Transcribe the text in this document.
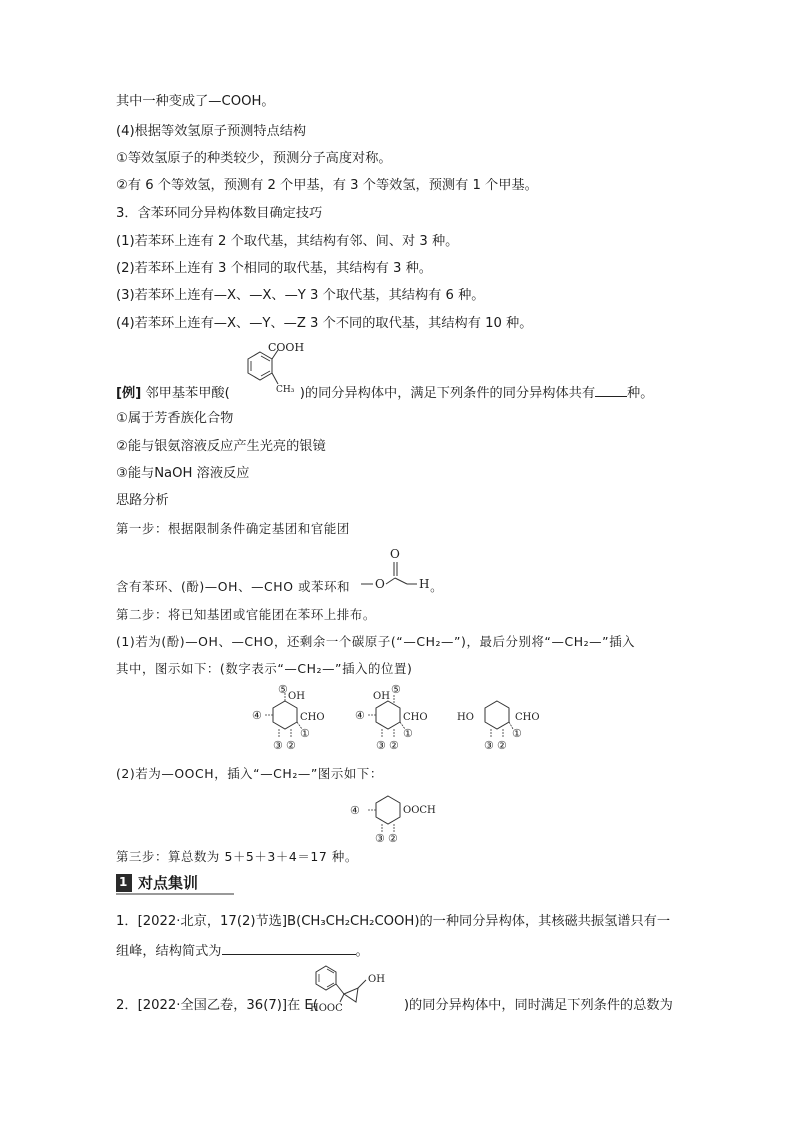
其中一种变成了—COOH。
(4)根据等效氢原子预测特点结构
①等效氢原子的种类较少，预测分子高度对称。
②有 6 个等效氢，预测有 2 个甲基，有 3 个等效氢，预测有 1 个甲基。
3．含苯环同分异构体数目确定技巧
(1)若苯环上连有 2 个取代基，其结构有邻、间、对 3 种。
(2)若苯环上连有 3 个相同的取代基，其结构有 3 种。
(3)若苯环上连有—X、—X、—Y 3 个取代基，其结构有 6 种。
(4)若苯环上连有—X、—Y、—Z 3 个不同的取代基，其结构有 10 种。
[例] 邻甲基苯甲酸(	)的同分异构体中，满足下列条件的同分异构体共有 种。
COOH
CH₃
①属于芳香族化合物
②能与银氨溶液反应产生光亮的银镜
③能与NaOH 溶液反应
思路分析
第一步：根据限制条件确定基团和官能团
含有苯环、(酚)—OH、—CHO 或苯环和	。
O
O
H
第二步：将已知基团或官能团在苯环上排布。
(1)若为(酚)—OH、—CHO，还剩余一个碳原子(“—CH₂—”)，最后分别将“—CH₂—”插入
其中，图示如下：(数字表示“—CH₂—”插入的位置)
⑤
OH
④	CHO
①
③ ②
OH
⑤
④	CHO
①
③ ②
HO	CHO
①
③ ②
(2)若为—OOCH，插入“—CH₂—”图示如下：
④	OOCH
③ ②
第三步：算总数为 5＋5＋3＋4＝17 种。
1 对点集训
1．[2022·北京，17(2)节选]B(CH₃CH₂CH₂COOH)的一种同分异构体，其核磁共振氢谱只有一
组峰，结构简式为	。
2．[2022·全国乙卷，36(7)]在 E(	)的同分异构体中，同时满足下列条件的总数为
OH
HOOC
